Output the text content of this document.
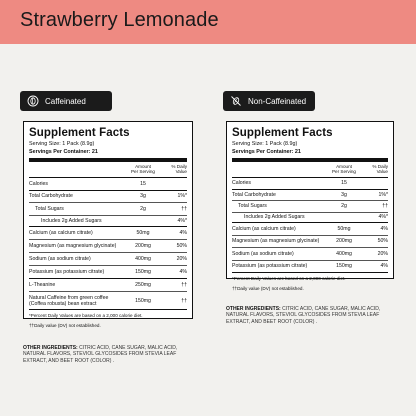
Strawberry Lemonade
Caffeinated	Non-Caffeinated
Supplement Facts
Serving Size: 1 Pack (8.9g)
Servings Per Container: 21
Amount
Per Serving
% Daily
Value
Calories	15
Total Carbohydrate	3g	1%*
Total Sugars	2g	††
Includes 2g Added Sugars	4%*
Calcium (as calcium citrate)	50mg	4%
Magnesium (as magnesium glycinate)	200mg	50%
Sodium (as sodium citrate)	400mg	20%
Potassium (as potassium citrate)	150mg	4%
L-Theanine	250mg	††
Natural Caffeine from green coffee
(Coffea robusta) bean extract	150mg	††
*Percent Daily Values are based on a 2,000 calorie diet.
††Daily value (DV) not established.
Supplement Facts
Serving Size: 1 Pack (8.9g)
Servings Per Container: 21
Amount
Per Serving
% Daily
Value
Calories	15
Total Carbohydrate	3g	1%*
Total Sugars	2g	††
Includes 2g Added Sugars	4%*
Calcium (as calcium citrate)	50mg	4%
Magnesium (as magnesium glycinate)	200mg	50%
Sodium (as sodium citrate)	400mg	20%
Potassium (as potassium citrate)	150mg	4%
*Percent Daily Values are based on a 2,000 calorie diet.
††Daily value (DV) not established.
OTHER INGREDIENTS: CITRIC ACID, CANE SUGAR, MALIC ACID, NATURAL FLAVORS, STEVIOL GLYCOSIDES FROM STEVIA LEAF EXTRACT, AND BEET ROOT (COLOR) .
OTHER INGREDIENTS: CITRIC ACID, CANE SUGAR, MALIC ACID, NATURAL FLAVORS, STEVIOL GLYCOSIDES FROM STEVIA LEAF EXTRACT, AND BEET ROOT (COLOR) .
